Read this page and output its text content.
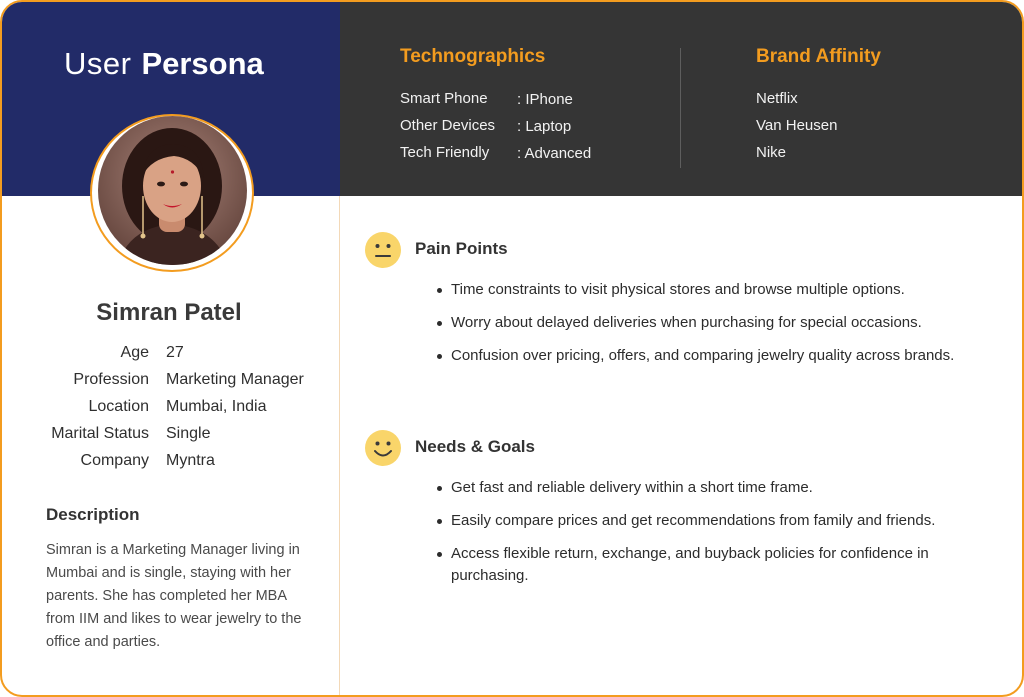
User Persona	Technographics
Smart Phone : IPhone
Other Devices : Laptop
Tech Friendly : Advanced
Brand Affinity
Netflix
Van Heusen
Nike
Simran Patel
Age 27
Profession Marketing Manager
Location Mumbai, India
Marital Status Single
Company Myntra
Description
Simran is a Marketing Manager living in Mumbai and is single, staying with her parents. She has completed her MBA from IIM and likes to wear jewelry to the office and parties.
Pain Points
Time constraints to visit physical stores and browse multiple options.
Worry about delayed deliveries when purchasing for special occasions.
Confusion over pricing, offers, and comparing jewelry quality across brands.
Needs & Goals
Get fast and reliable delivery within a short time frame.
Easily compare prices and get recommendations from family and friends.
Access flexible return, exchange, and buyback policies for confidence in purchasing.
